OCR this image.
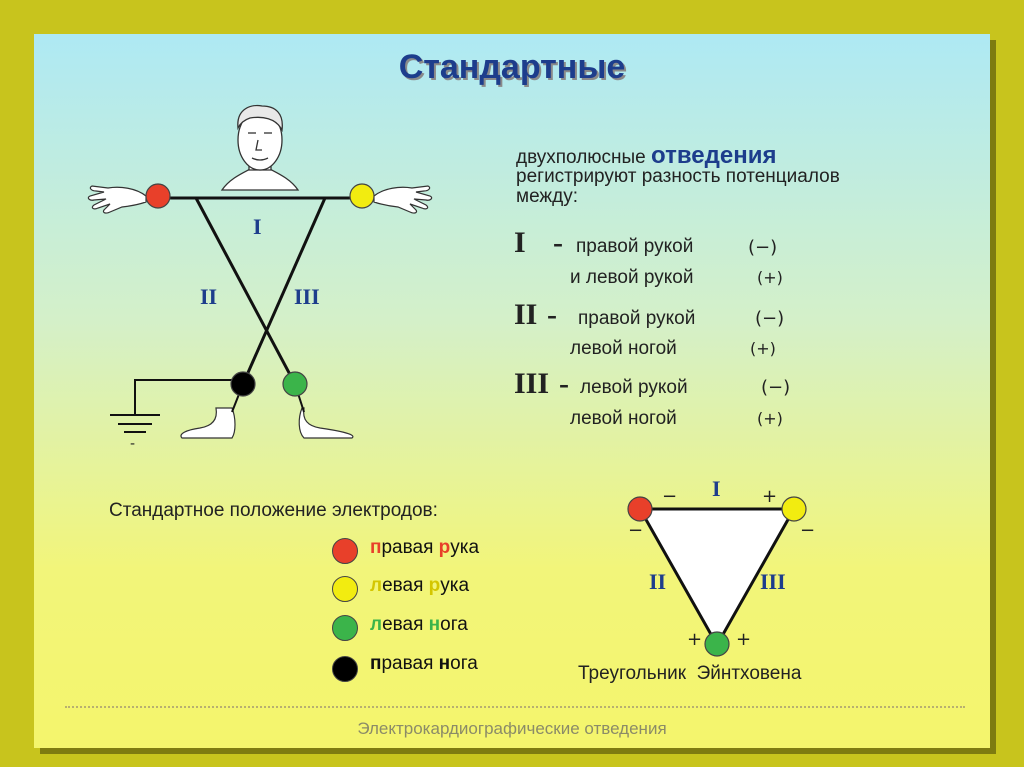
Стандартные
I
II	III
-
двухполюсные отведения
регистрируют разность потенциалов
между:
I - правой рукой	(−)
и левой рукой	(+)
II - правой рукой	(−)
левой ногой	(+)
III - левой рукой	(−)
левой ногой	(+)
Стандартное положение электродов:
правая рука
левая рука
левая нога
правая нога
I
II	III
−	+
−	−
+ +
Треугольник  Эйнтховена
Электрокардиографические отведения
